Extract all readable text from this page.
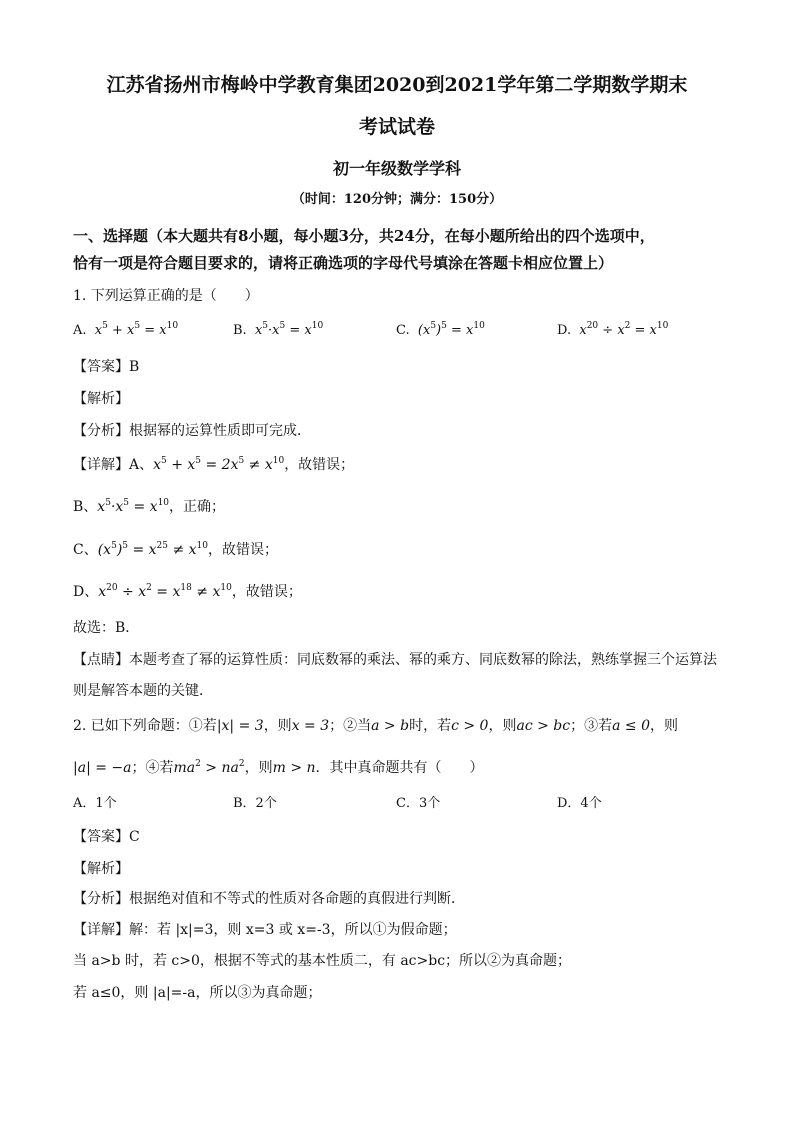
江苏省扬州市梅岭中学教育集团2020到2021学年第二学期数学期末
考试试卷
初一年级数学学科
（时间：120分钟；满分：150分）
一、选择题（本大题共有8小题，每小题3分，共24分，在每小题所给出的四个选项中，
恰有一项是符合题目要求的，请将正确选项的字母代号填涂在答题卡相应位置上）
1. 下列运算正确的是（　　）
A.  $x^5 + x^5 = x^{10}$	B.  $x^5\cdot x^5 = x^{10}$	C.  $(x^5)^5 = x^{10}$	D.  $x^{20} \div x^2 = x^{10}$
【答案】B
【解析】
【分析】根据幂的运算性质即可完成．
【详解】A、$x^5 + x^5 = 2x^5 \ne x^{10}$，故错误；
B、$x^5\cdot x^5 = x^{10}$，正确；
C、$(x^5)^5 = x^{25} \ne x^{10}$，故错误；
D、$x^{20} \div x^2 = x^{18} \ne x^{10}$，故错误；
故选：B．
【点睛】本题考查了幂的运算性质：同底数幂的乘法、幂的乘方、同底数幂的除法，熟练掌握三个运算法
则是解答本题的关键．
2. 已如下列命题：①若|x| = 3，则x = 3；②当a > b时，若c > 0，则ac > bc；③若a ≤ 0，则
|a| = −a；④若$ma^2 > na^2$，则m > n．其中真命题共有（　　）
A．1个	B．2个	C．3个	D．4个
【答案】C
【解析】
【分析】根据绝对值和不等式的性质对各命题的真假进行判断．
【详解】解：若 |x|=3，则 x=3 或 x=-3，所以①为假命题；
当 a>b 时，若 c>0，根据不等式的基本性质二，有 ac>bc；所以②为真命题；
若 a≤0，则 |a|=-a，所以③为真命题；
